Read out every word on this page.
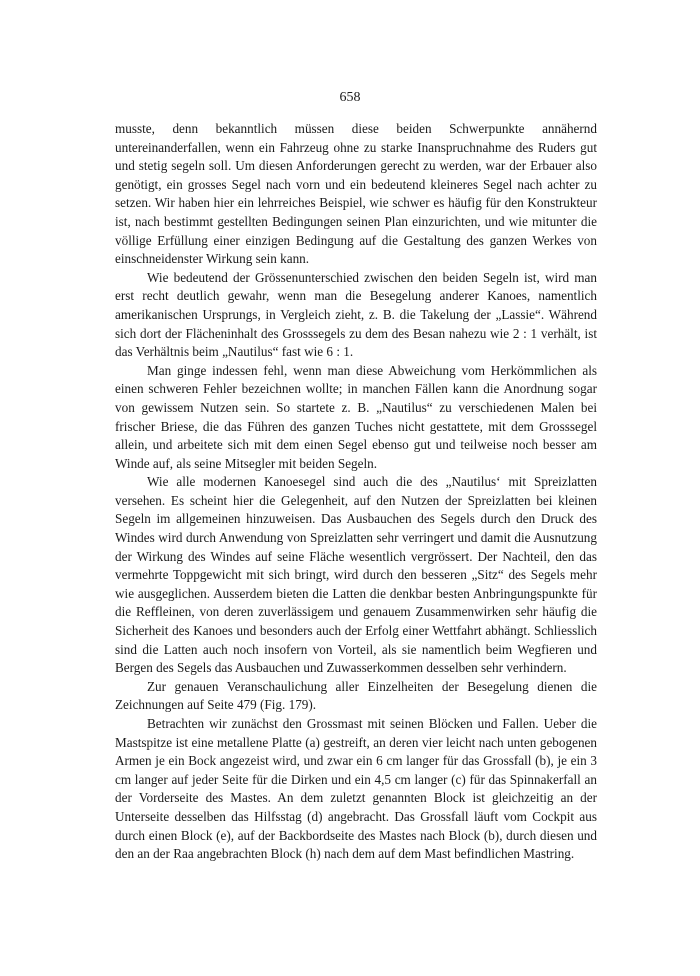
658

musste, denn bekanntlich müssen diese beiden Schwerpunkte annähernd untereinanderfallen, wenn ein Fahrzeug ohne zu starke Inanspruchnahme des Ruders gut und stetig segeln soll. Um diesen Anforderungen gerecht zu werden, war der Erbauer also genötigt, ein grosses Segel nach vorn und ein bedeutend kleineres Segel nach achter zu setzen. Wir haben hier ein lehrreiches Beispiel, wie schwer es häufig für den Konstrukteur ist, nach bestimmt gestellten Bedingungen seinen Plan einzurichten, und wie mitunter die völlige Erfüllung einer einzigen Bedingung auf die Gestaltung des ganzen Werkes von einschneidenster Wirkung sein kann.

Wie bedeutend der Grössenunterschied zwischen den beiden Segeln ist, wird man erst recht deutlich gewahr, wenn man die Besegelung anderer Kanoes, namentlich amerikanischen Ursprungs, in Vergleich zieht, z. B. die Takelung der „Lassie“. Während sich dort der Flächeninhalt des Grosssegels zu dem des Besan nahezu wie 2 : 1 verhält, ist das Verhältnis beim „Nautilus“ fast wie 6 : 1.

Man ginge indessen fehl, wenn man diese Abweichung vom Herkömmlichen als einen schweren Fehler bezeichnen wollte; in manchen Fällen kann die Anordnung sogar von gewissem Nutzen sein. So startete z. B. „Nautilus“ zu verschiedenen Malen bei frischer Briese, die das Führen des ganzen Tuches nicht gestattete, mit dem Grosssegel allein, und arbeitete sich mit dem einen Segel ebenso gut und teilweise noch besser am Winde auf, als seine Mitsegler mit beiden Segeln.

Wie alle modernen Kanoesegel sind auch die des „Nautilus‘ mit Spreizlatten versehen. Es scheint hier die Gelegenheit, auf den Nutzen der Spreizlatten bei kleinen Segeln im allgemeinen hinzuweisen. Das Ausbauchen des Segels durch den Druck des Windes wird durch Anwendung von Spreizlatten sehr verringert und damit die Ausnutzung der Wirkung des Windes auf seine Fläche wesentlich vergrössert. Der Nachteil, den das vermehrte Toppgewicht mit sich bringt, wird durch den besseren „Sitz“ des Segels mehr wie ausgeglichen. Ausserdem bieten die Latten die denkbar besten Anbringungspunkte für die Reffleinen, von deren zuverlässigem und genauem Zusammenwirken sehr häufig die Sicherheit des Kanoes und besonders auch der Erfolg einer Wettfahrt abhängt. Schliesslich sind die Latten auch noch insofern von Vorteil, als sie namentlich beim Wegfieren und Bergen des Segels das Ausbauchen und Zuwasserkommen desselben sehr verhindern.

Zur genauen Veranschaulichung aller Einzelheiten der Besegelung dienen die Zeichnungen auf Seite 479 (Fig. 179).

Betrachten wir zunächst den Grossmast mit seinen Blöcken und Fallen. Ueber die Mastspitze ist eine metallene Platte (a) gestreift, an deren vier leicht nach unten gebogenen Armen je ein Bock angezeist wird, und zwar ein 6 cm langer für das Grossfall (b), je ein 3 cm langer auf jeder Seite für die Dirken und ein 4,5 cm langer (c) für das Spinnakerfall an der Vorderseite des Mastes. An dem zuletzt genannten Block ist gleichzeitig an der Unterseite desselben das Hilfsstag (d) angebracht. Das Grossfall läuft vom Cockpit aus durch einen Block (e), auf der Backbordseite des Mastes nach Block (b), durch diesen und den an der Raa angebrachten Block (h) nach dem auf dem Mast befindlichen Mastring.
